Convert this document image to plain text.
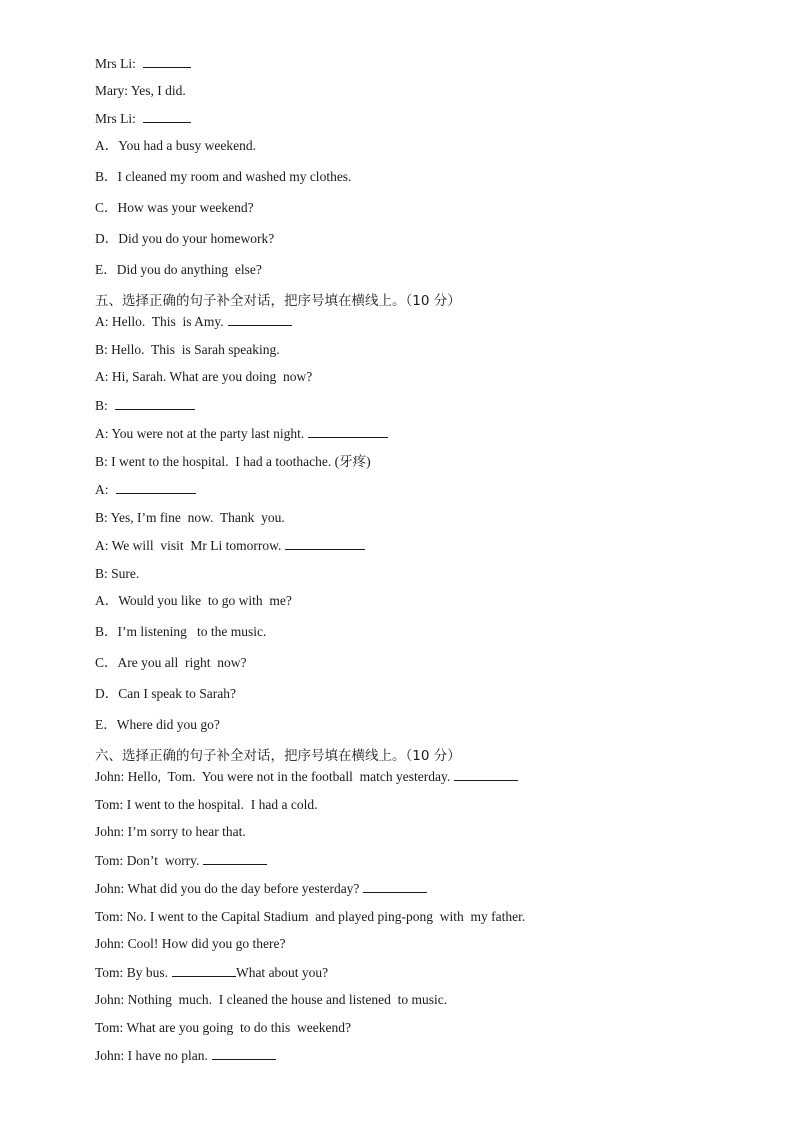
Mrs Li:
Mary: Yes, I did.
Mrs Li:
A．You had a busy weekend.
B．I cleaned my room and washed my clothes.
C．How was your weekend?
D．Did you do your homework?
E．Did you do anything  else?
五、选择正确的句子补全对话，把序号填在横线上。（10 分）
A: Hello.  This  is Amy.
B: Hello.  This  is Sarah speaking.
A: Hi, Sarah. What are you doing  now?
B:
A: You were not at the party last night.
B: I went to the hospital.  I had a toothache. (牙疼)
A:
B: Yes, I’m fine  now.  Thank  you.
A: We will  visit  Mr Li tomorrow.
B: Sure.
A．Would you like  to go with  me?
B．I’m listening   to the music.
C．Are you all  right  now?
D．Can I speak to Sarah?
E．Where did you go?
六、选择正确的句子补全对话，把序号填在横线上。（10 分）
John: Hello,  Tom.  You were not in the football  match yesterday.
Tom: I went to the hospital.  I had a cold.
John: I’m sorry to hear that.
Tom: Don’t  worry.
John: What did you do the day before yesterday?
Tom: No. I went to the Capital Stadium  and played ping-pong  with  my father.
John: Cool! How did you go there?
Tom: By bus.	What about you?
John: Nothing  much.  I cleaned the house and listened  to music.
Tom: What are you going  to do this  weekend?
John: I have no plan.
